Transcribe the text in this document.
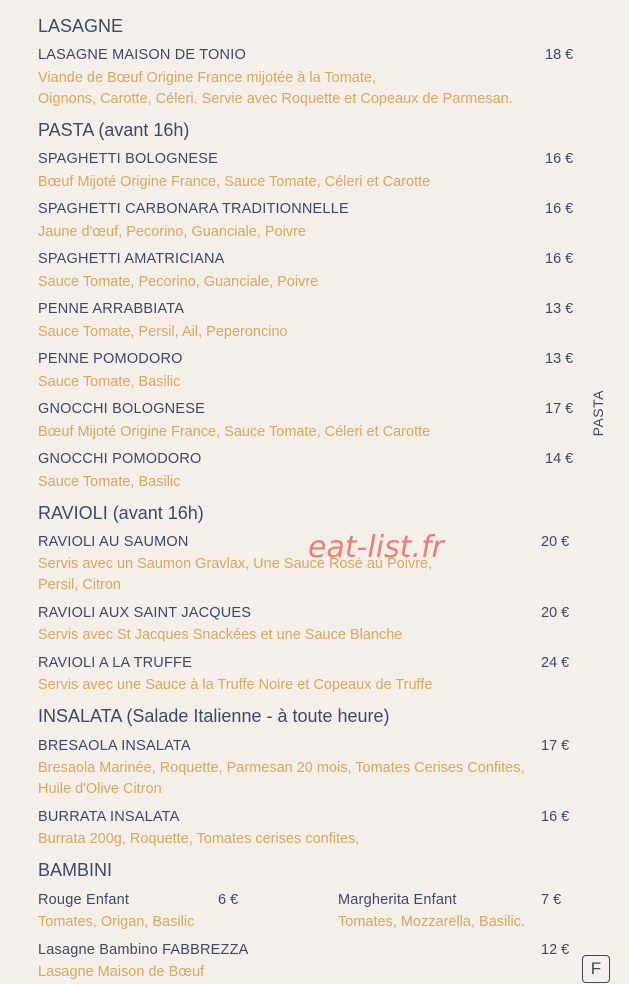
LASAGNE
LASAGNE MAISON DE TONIO	18 €
Viande de Bœuf Origine France mijotée à la Tomate,
Oignons, Carotte, Céleri. Servie avec Roquette et Copeaux de Parmesan.
PASTA (avant 16h)
SPAGHETTI BOLOGNESE	16 €
Bœuf Mijoté Origine France, Sauce Tomate, Céleri et Carotte
SPAGHETTI CARBONARA TRADITIONNELLE	16 €
Jaune d'œuf, Pecorino, Guanciale, Poivre
SPAGHETTI AMATRICIANA	16 €
Sauce Tomate, Pecorino, Guanciale, Poivre
PENNE ARRABBIATA	13 €
Sauce Tomate, Persil, Ail, Peperoncino
PENNE POMODORO	13 €
Sauce Tomate, Basilic
GNOCCHI BOLOGNESE	17 €
Bœuf Mijoté Origine France, Sauce Tomate, Céleri et Carotte
GNOCCHI POMODORO	14 €
Sauce Tomate, Basilic
RAVIOLI (avant 16h)
RAVIOLI AU SAUMON	20 €
Servis avec un Saumon Gravlax, Une Sauce Rosé au Poivre,
Persil, Citron
RAVIOLI AUX SAINT JACQUES	20 €
Servis avec St Jacques Snackées et une Sauce Blanche
RAVIOLI A LA TRUFFE	24 €
Servis avec une Sauce à la Truffe Noire et Copeaux de Truffe
INSALATA (Salade Italienne - à toute heure)
BRESAOLA INSALATA	17 €
Bresaola Marinée, Roquette, Parmesan 20 mois, Tomates Cerises Confites,
Huile d'Olive Citron
BURRATA INSALATA	16 €
Burrata 200g, Roquette, Tomates cerises confites,
BAMBINI
Rouge Enfant	6 €
Tomates, Origan, Basilic
Margherita Enfant	7 €
Tomates, Mozzarella, Basilic.
Lasagne Bambino FABBREZZA	12 €
Lasagne Maison de Bœuf
PASTA
eat-list.fr
F
